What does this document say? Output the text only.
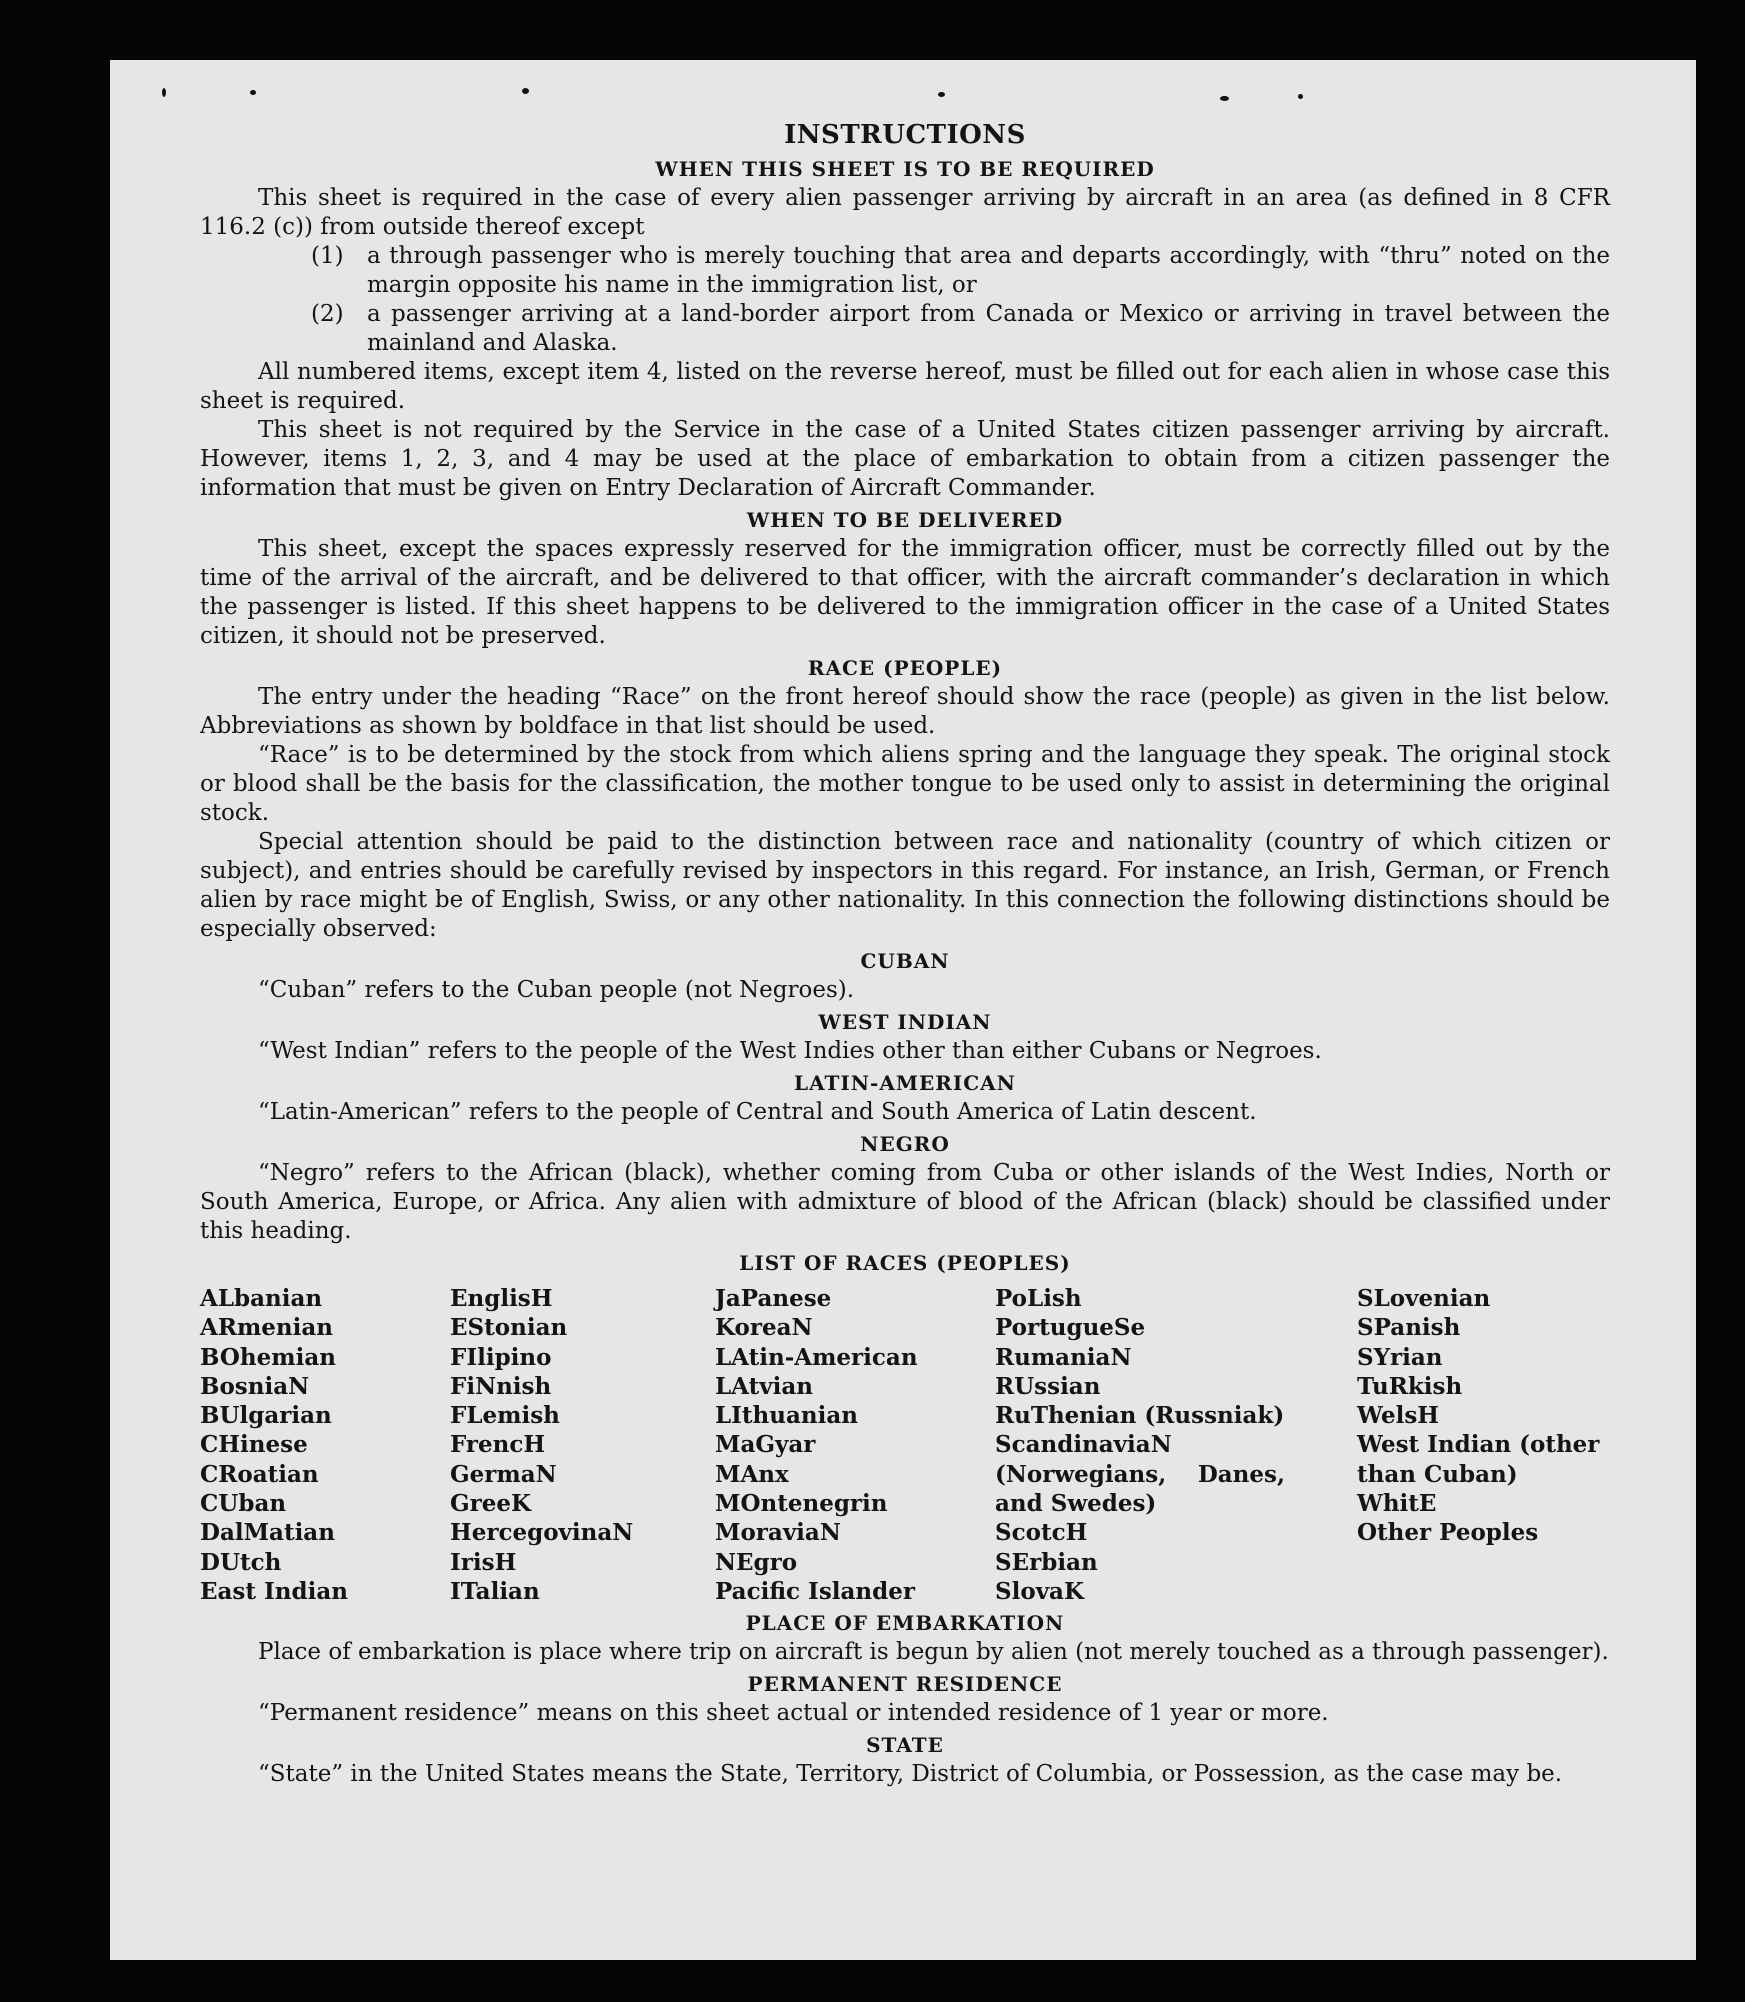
INSTRUCTIONS
WHEN THIS SHEET IS TO BE REQUIRED

This sheet is required in the case of every alien passenger arriving by aircraft in an area (as defined in 8 CFR 116.2 (c)) from outside thereof except

(1) a through passenger who is merely touching that area and departs accordingly, with “thru” noted on the margin opposite his name in the immigration list, or
(2) a passenger arriving at a land-border airport from Canada or Mexico or arriving in travel between the mainland and Alaska.

All numbered items, except item 4, listed on the reverse hereof, must be filled out for each alien in whose case this sheet is required.

This sheet is not required by the Service in the case of a United States citizen passenger arriving by aircraft. However, items 1, 2, 3, and 4 may be used at the place of embarkation to obtain from a citizen passenger the information that must be given on Entry Declaration of Aircraft Commander.

WHEN TO BE DELIVERED

This sheet, except the spaces expressly reserved for the immigration officer, must be correctly filled out by the time of the arrival of the aircraft, and be delivered to that officer, with the aircraft commander’s declaration in which the passenger is listed. If this sheet happens to be delivered to the immigration officer in the case of a United States citizen, it should not be preserved.

RACE (PEOPLE)

The entry under the heading “Race” on the front hereof should show the race (people) as given in the list below. Abbreviations as shown by boldface in that list should be used.

“Race” is to be determined by the stock from which aliens spring and the language they speak. The original stock or blood shall be the basis for the classification, the mother tongue to be used only to assist in determining the original stock.

Special attention should be paid to the distinction between race and nationality (country of which citizen or subject), and entries should be carefully revised by inspectors in this regard. For instance, an Irish, German, or French alien by race might be of English, Swiss, or any other nationality. In this connection the following distinctions should be especially observed:

CUBAN

“Cuban” refers to the Cuban people (not Negroes).

WEST INDIAN

“West Indian” refers to the people of the West Indies other than either Cubans or Negroes.

LATIN-AMERICAN

“Latin-American” refers to the people of Central and South America of Latin descent.

NEGRO

“Negro” refers to the African (black), whether coming from Cuba or other islands of the West Indies, North or South America, Europe, or Africa. Any alien with admixture of blood of the African (black) should be classified under this heading.

LIST OF RACES (PEOPLES)
ALbanian
ARmenian
BOhemian
BosniaN
BUlgarian
CHinese
CRoatian
CUban
DalMatian
DUtch
East Indian
EnglisH
EStonian
FIlipino
FiNnish
FLemish
FrencH
GermaN
GreeK
HercegovinaN
IrisH
ITalian
JaPanese
KoreaN
LAtin-American
LAtvian
LIthuanian
MaGyar
MAnx
MOntenegrin
MoraviaN
NEgro
Pacific Islander
PoLish
PortugueSe
RumaniaN
RUssian
RuThenian (Russniak)
ScandinaviaN (Norwegians, Danes, and Swedes)
ScotcH
SErbian
SlovaK
SLovenian
SPanish
SYrian
TuRkish
WelsH
West Indian (other than Cuban)
WhitE
Other Peoples
PLACE OF EMBARKATION

Place of embarkation is place where trip on aircraft is begun by alien (not merely touched as a through passenger).

PERMANENT RESIDENCE

“Permanent residence” means on this sheet actual or intended residence of 1 year or more.

STATE

“State” in the United States means the State, Territory, District of Columbia, or Possession, as the case may be.
